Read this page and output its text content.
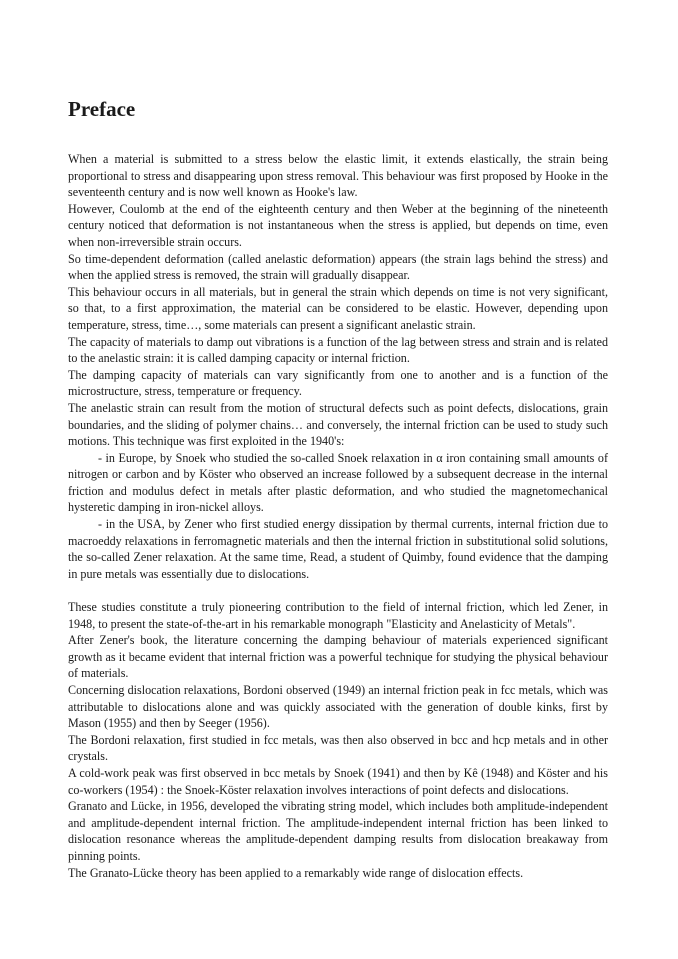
Preface

When a material is submitted to a stress below the elastic limit, it extends elastically, the strain being proportional to stress and disappearing upon stress removal. This behaviour was first proposed by Hooke in the seventeenth century and is now well known as Hooke's law.

However, Coulomb at the end of the eighteenth century and then Weber at the beginning of the nineteenth century noticed that deformation is not instantaneous when the stress is applied, but depends on time, even when non-irreversible strain occurs.

So time-dependent deformation (called anelastic deformation) appears (the strain lags behind the stress) and when the applied stress is removed, the strain will gradually disappear.

This behaviour occurs in all materials, but in general the strain which depends on time is not very significant, so that, to a first approximation, the material can be considered to be elastic. However, depending upon temperature, stress, time…, some materials can present a significant anelastic strain.

The capacity of materials to damp out vibrations is a function of the lag between stress and strain and is related to the anelastic strain: it is called damping capacity or internal friction.

The damping capacity of materials can vary significantly from one to another and is a function of the microstructure, stress, temperature or frequency.

The anelastic strain can result from the motion of structural defects such as point defects, dislocations, grain boundaries, and the sliding of polymer chains… and conversely, the internal friction can be used to study such motions. This technique was first exploited in the 1940's:

- in Europe, by Snoek who studied the so-called Snoek relaxation in α iron containing small amounts of nitrogen or carbon and by Köster who observed an increase followed by a subsequent decrease in the internal friction and modulus defect in metals after plastic deformation, and who studied the magnetomechanical hysteretic damping in iron-nickel alloys.

- in the USA, by Zener who first studied energy dissipation by thermal currents, internal friction due to macroeddy relaxations in ferromagnetic materials and then the internal friction in substitutional solid solutions, the so-called Zener relaxation. At the same time, Read, a student of Quimby, found evidence that the damping in pure metals was essentially due to dislocations.

These studies constitute a truly pioneering contribution to the field of internal friction, which led Zener, in 1948, to present the state-of-the-art in his remarkable monograph "Elasticity and Anelasticity of Metals".

After Zener's book, the literature concerning the damping behaviour of materials experienced significant growth as it became evident that internal friction was a powerful technique for studying the physical behaviour of materials.

Concerning dislocation relaxations, Bordoni observed (1949) an internal friction peak in fcc metals, which was attributable to dislocations alone and was quickly associated with the generation of double kinks, first by Mason (1955) and then by Seeger (1956).

The Bordoni relaxation, first studied in fcc metals, was then also observed in bcc and hcp metals and in other crystals.

A cold-work peak was first observed in bcc metals by Snoek (1941) and then by Kê (1948) and Köster and his co-workers (1954) : the Snoek-Köster relaxation involves interactions of point defects and dislocations.

Granato and Lücke, in 1956, developed the vibrating string model, which includes both amplitude-independent and amplitude-dependent internal friction. The amplitude-independent internal friction has been linked to dislocation resonance whereas the amplitude-dependent damping results from dislocation breakaway from pinning points.

The Granato-Lücke theory has been applied to a remarkably wide range of dislocation effects.
